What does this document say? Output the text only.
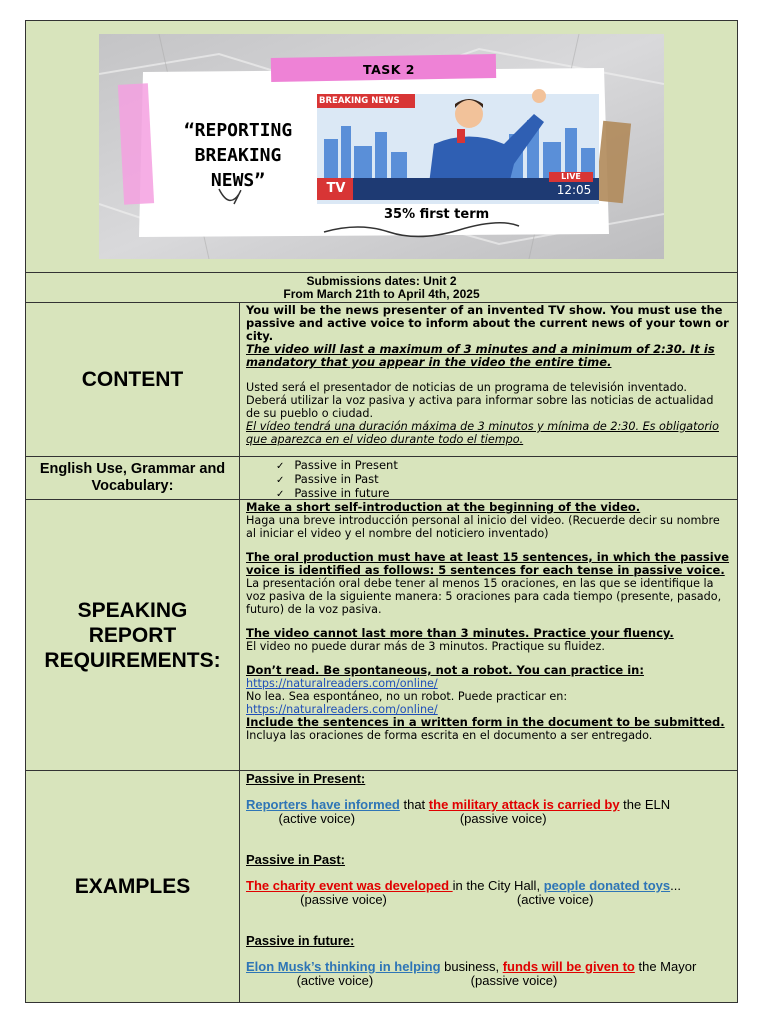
TASK 2
“REPORTING
BREAKING
NEWS”
BREAKING NEWS
TV
LIVE
12:05
35% first term
Submissions dates: Unit 2
From March 21th to April 4th, 2025
CONTENT

You will be the news presenter of an invented TV show. You must use the passive and active voice to inform about the current news of your town or city.

The video will last a maximum of 3 minutes and a minimum of 2:30. It is mandatory that you appear in the video the entire time.

Usted será el presentador de noticias de un programa de televisión inventado. Deberá utilizar la voz pasiva y activa para informar sobre las noticias de actualidad de su pueblo o ciudad.

El vídeo tendrá una duración máxima de 3 minutos y mínima de 2:30. Es obligatorio que aparezca en el video durante todo el tiempo.

English Use, Grammar and Vocabulary:
✓ Passive in Present
✓ Passive in Past
✓ Passive in future
SPEAKING REPORT REQUIREMENTS:

Make a short self-introduction at the beginning of the video.

Haga una breve introducción personal al inicio del video. (Recuerde decir su nombre al iniciar el video y el nombre del noticiero inventado)

The oral production must have at least 15 sentences, in which the passive voice is identified as follows: 5 sentences for each tense in passive voice.

La presentación oral debe tener al menos 15 oraciones, en las que se identifique la voz pasiva de la siguiente manera: 5 oraciones para cada tiempo (presente, pasado, futuro) de la voz pasiva.

The video cannot last more than 3 minutes. Practice your fluency.

El video no puede durar más de 3 minutos. Practique su fluidez.

Don’t read. Be spontaneous, not a robot. You can practice in:

https://naturalreaders.com/online/

No lea. Sea espontáneo, no un robot. Puede practicar en:

https://naturalreaders.com/online/

Include the sentences in a written form in the document to be submitted.

Incluya las oraciones de forma escrita en el documento a ser entregado.

EXAMPLES

Passive in Present:

Reporters have informed that the military attack is carried by the ELN

(active voice)                             (passive voice)

Passive in Past:

The charity event was developed in the City Hall, people donated toys...

(passive voice)                                    (active voice)

Passive in future:

Elon Musk’s thinking in helping business, funds will be given to the Mayor

(active voice)                           (passive voice)
